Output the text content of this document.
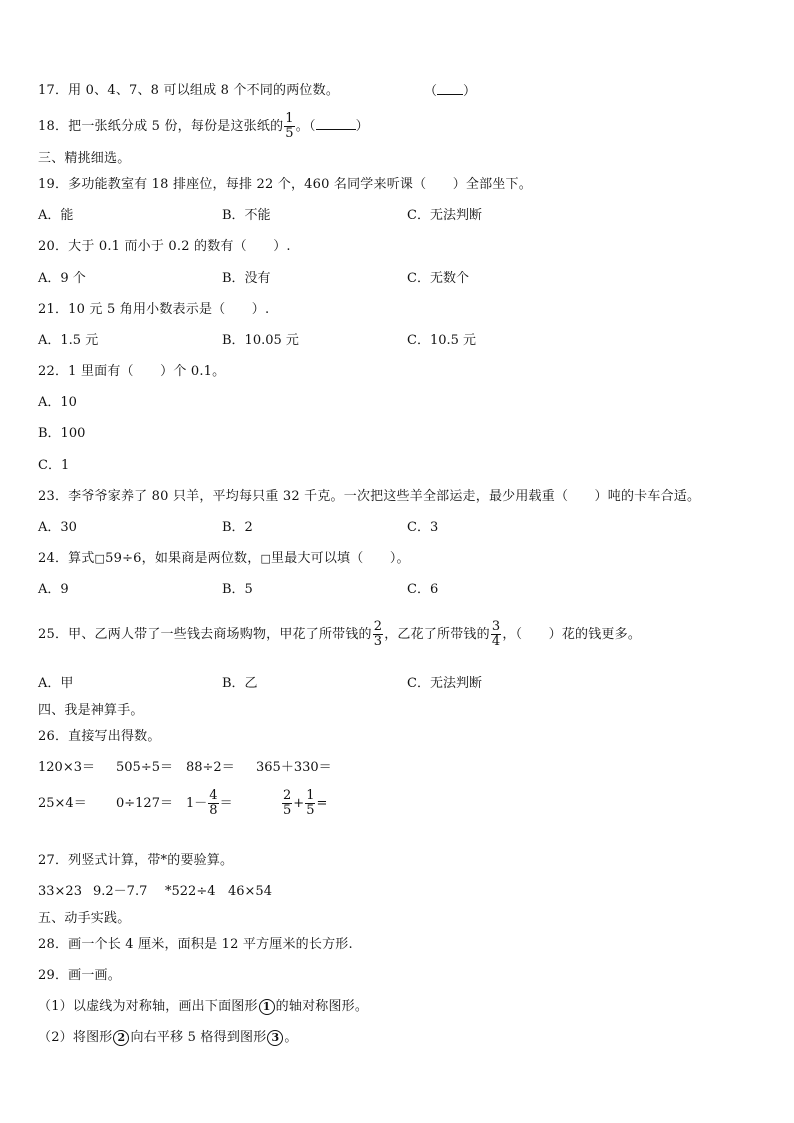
17．用 0、4、7、8 可以组成 8 个不同的两位数。	（ ）
18．把一张纸分成 5 份，每份是这张纸的 $\frac{1}{5}$ 。（	）
三、精挑细选。
19．多功能教室有 18 排座位，每排 22 个，460 名同学来听课（　　）全部坐下。
A．能	B．不能	C．无法判断
20．大于 0.1 而小于 0.2 的数有（　　）.
A．9 个	B．没有	C．无数个
21．10 元 5 角用小数表示是（　　）.
A．1.5 元	B．10.05 元	C．10.5 元
22．1 里面有（　　）个 0.1。
A．10
B．100
C．1
23．李爷爷家养了 80 只羊，平均每只重 32 千克。一次把这些羊全部运走，最少用载重（　　）吨的卡车合适。
A．30	B．2	C．3
24．算式□59÷6，如果商是两位数，□里最大可以填（　　）。
A．9	B．5	C．6
25．甲、乙两人带了一些钱去商场购物，甲花了所带钱的 $\frac{2}{3}$ ，乙花了所带钱的 $\frac{3}{4}$ ，（　　）花的钱更多。
A．甲	B．乙	C．无法判断
四、我是神算手。
26．直接写出得数。
120×3＝ 505÷5＝ 88÷2＝ 365＋330＝
$25\times 4= 0\div 127= 1- \frac{4}{8}$ ＝	$\frac{2}{5} + \frac{1}{5}$ =
27．列竖式计算，带*的要验算。
33×23 9.2－7.7 *522÷4 46×54
五、动手实践。
28．画一个长 4 厘米，面积是 12 平方厘米的长方形.
29．画一画。
（1）以虚线为对称轴，画出下面图形 1 的轴对称图形。
（2）将图形 2 向右平移 5 格得到图形 3 。
